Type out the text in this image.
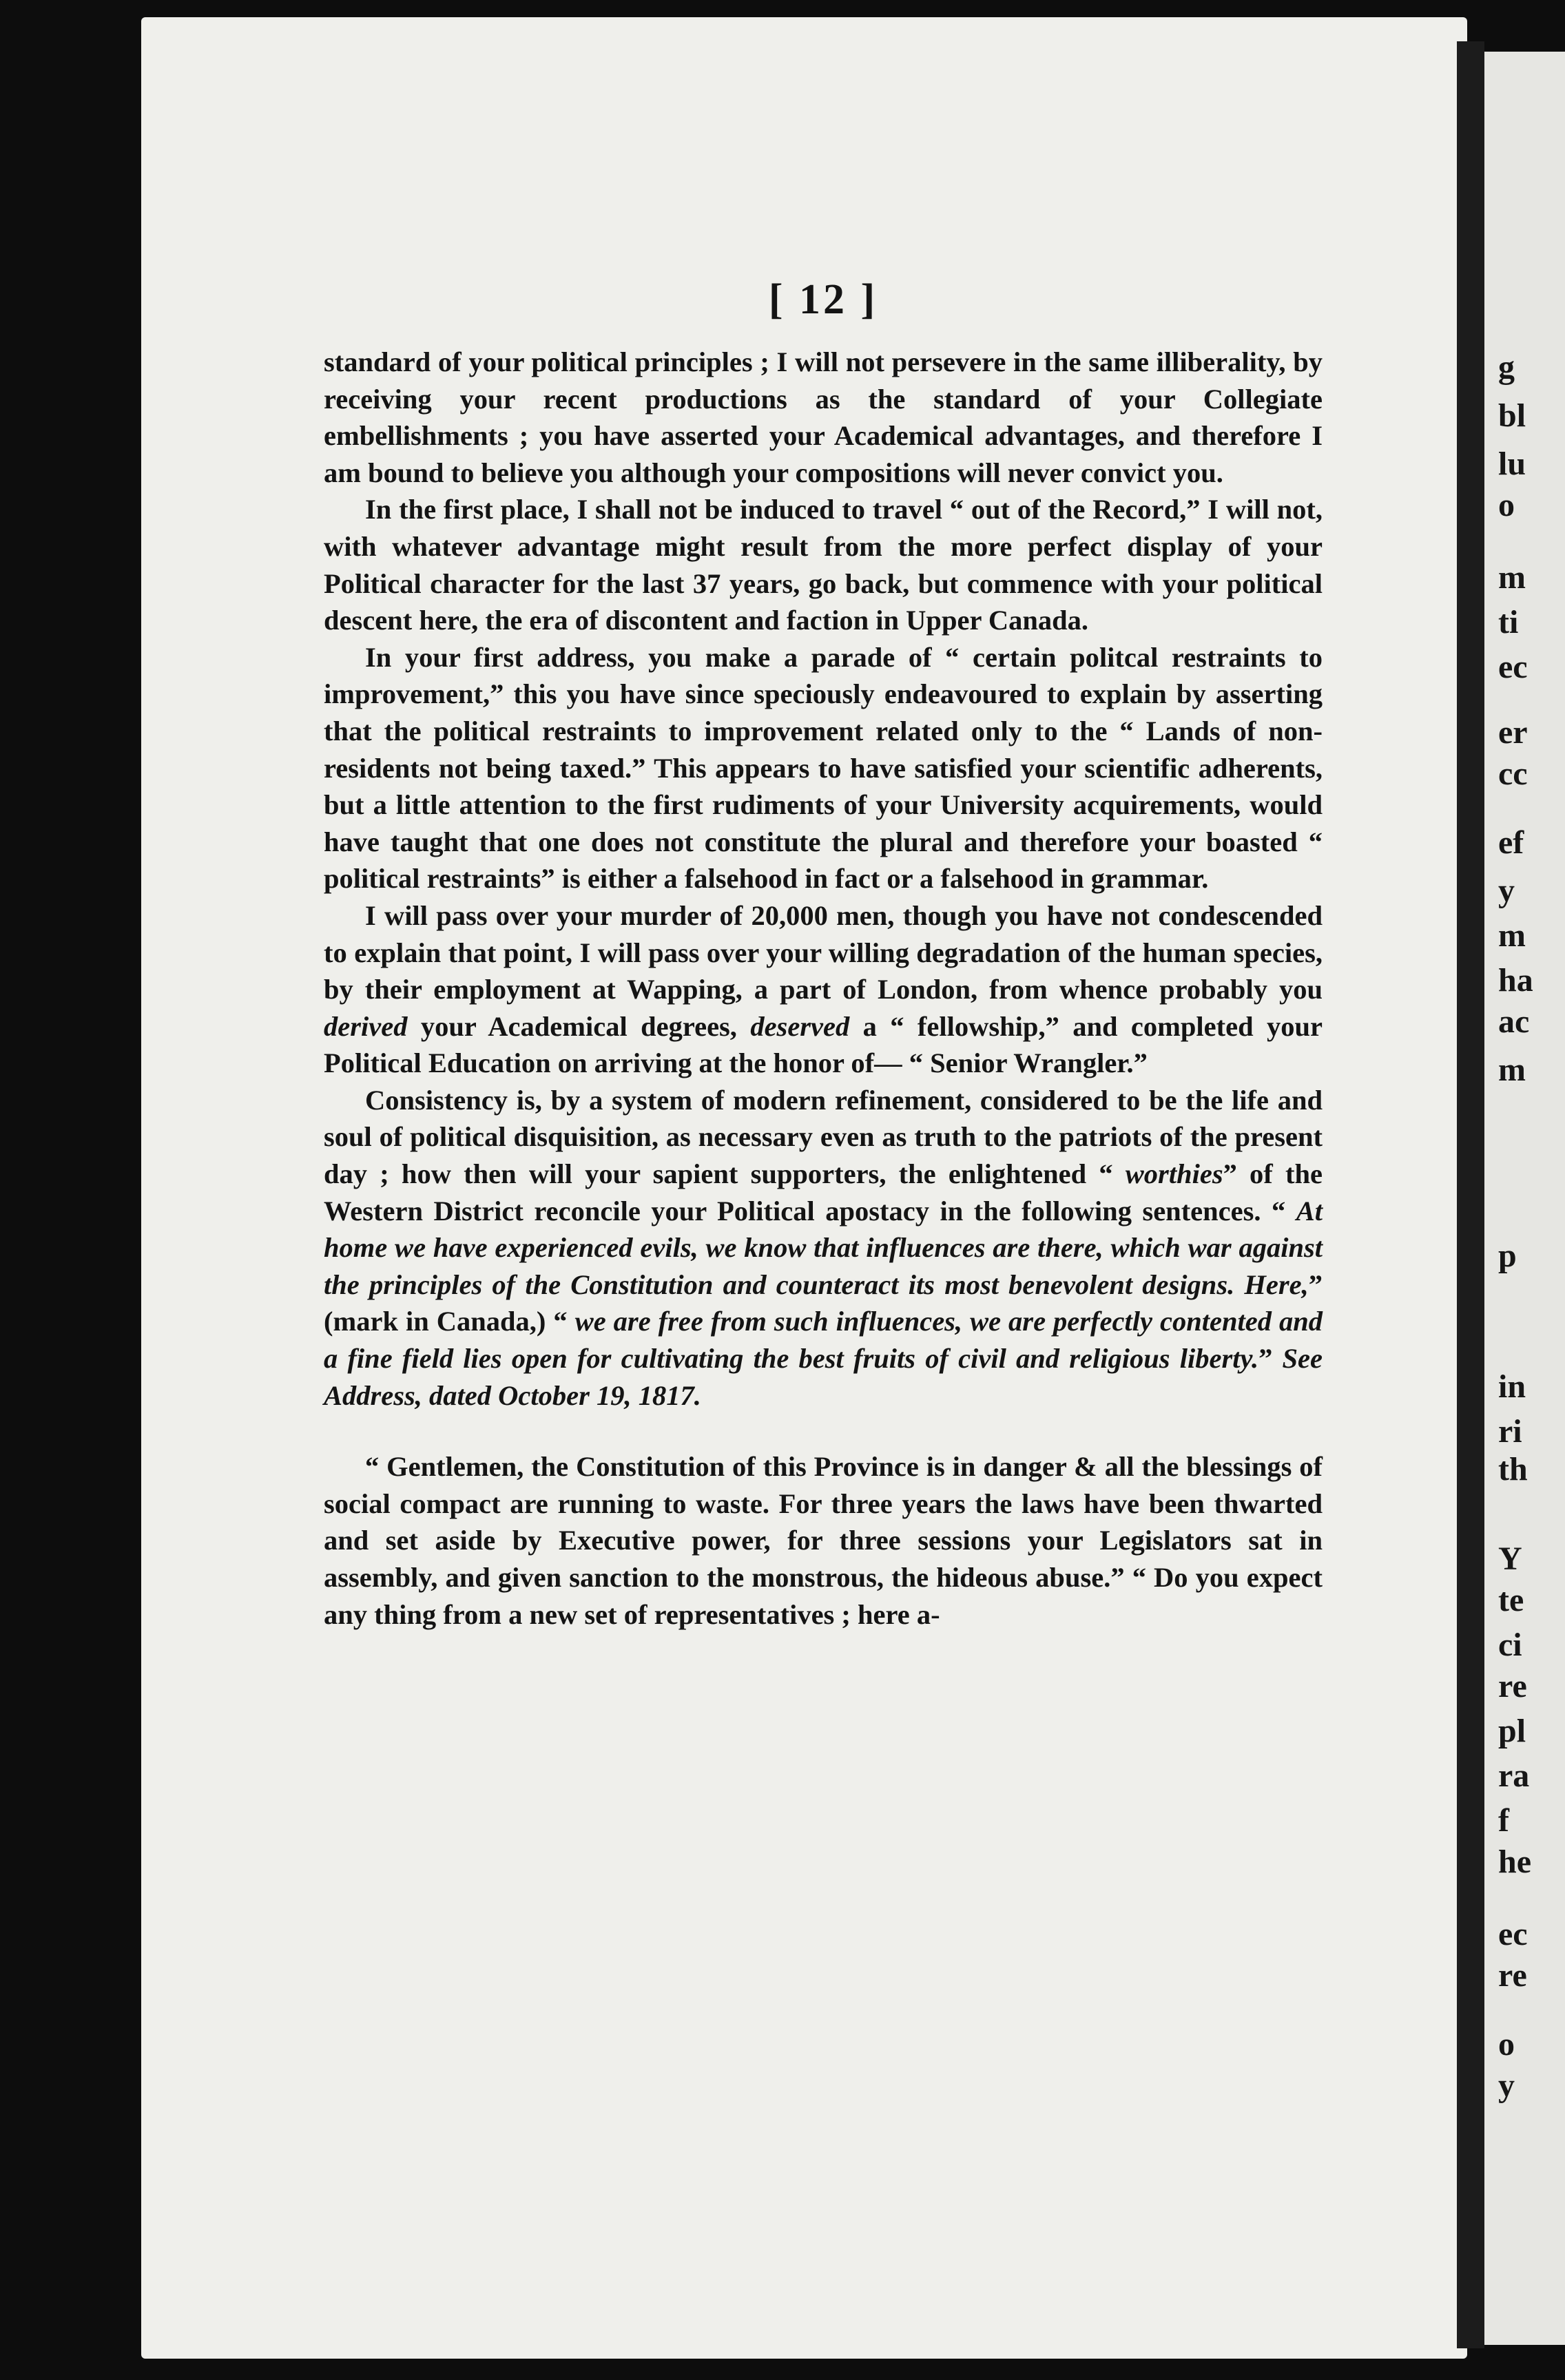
g
bl
lu
o
m
ti
ec
er
cc
ef
y
m
ha
ac
m
p
in
ri
th
Y
te
ci
re
pl
ra
f
he
ec
re
o
y
[ 12 ]

standard of your political principles ; I will not persevere in the same illiberality, by receiving your recent productions as the standard of your Collegiate embellishments ; you have asserted your Academical advantages, and therefore I am bound to believe you although your compositions will never convict you.

In the first place, I shall not be induced to travel “ out of the Record,” I will not, with whatever advantage might result from the more perfect display of your Political character for the last 37 years, go back, but commence with your political descent here, the era of discontent and faction in Upper Canada.

In your first address, you make a parade of “ certain politcal restraints to improvement,” this you have since speciously endeavoured to explain by asserting that the political restraints to improvement related only to the “ Lands of non-residents not being taxed.” This appears to have satisfied your scientific adherents, but a little attention to the first rudiments of your University acquirements, would have taught that one does not constitute the plural and therefore your boasted “ political restraints” is either a falsehood in fact or a falsehood in grammar.

I will pass over your murder of 20,000 men, though you have not condescended to explain that point, I will pass over your willing degradation of the human species, by their employment at Wapping, a part of London, from whence probably you derived your Academical degrees, deserved a “ fellowship,” and completed your Political Education on arriving at the honor of— “ Senior Wrangler.”

Consistency is, by a system of modern refinement, considered to be the life and soul of political disquisition, as necessary even as truth to the patriots of the present day ; how then will your sapient supporters, the enlightened “ worthies” of the Western District reconcile your Political apostacy in the following sentences. “ At home we have experienced evils, we know that influences are there, which war against the principles of the Constitution and counteract its most benevolent designs. Here,” (mark in Canada,) “ we are free from such influences, we are perfectly contented and a fine field lies open for cultivating the best fruits of civil and religious liberty.” See Address, dated October 19, 1817.

“ Gentlemen, the Constitution of this Province is in danger & all the blessings of social compact are running to waste. For three years the laws have been thwarted and set aside by Executive power, for three sessions your Legislators sat in assembly, and given sanction to the monstrous, the hideous abuse.” “ Do you expect any thing from a new set of representatives ; here a-
